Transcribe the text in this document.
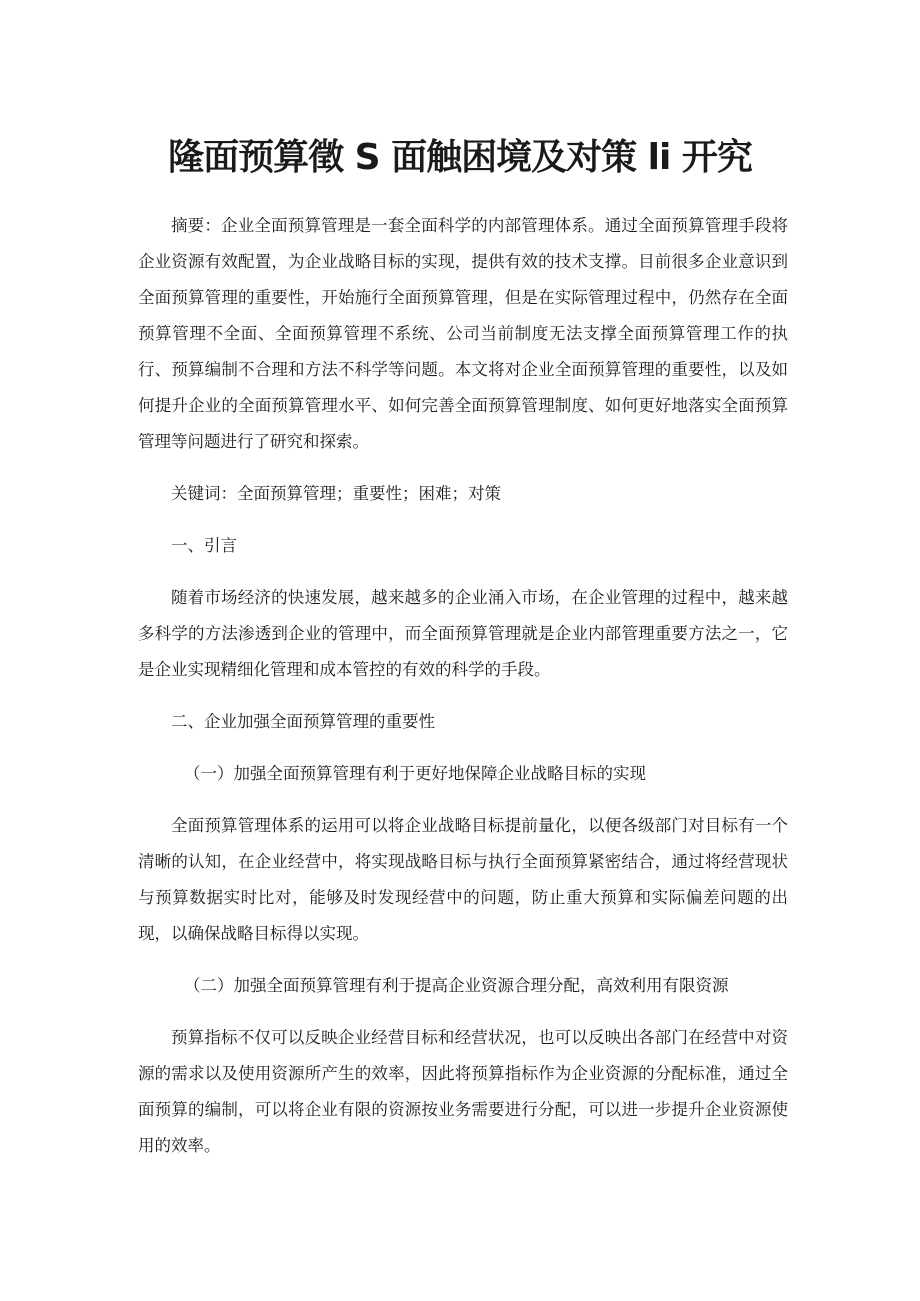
隆面预算徵 S 面触困境及对策 li 开究

摘要：企业全面预算管理是一套全面科学的内部管理体系。通过全面预算管理手段将企业资源有效配置，为企业战略目标的实现，提供有效的技术支撑。目前很多企业意识到全面预算管理的重要性，开始施行全面预算管理，但是在实际管理过程中，仍然存在全面预算管理不全面、全面预算管理不系统、公司当前制度无法支撑全面预算管理工作的执行、预算编制不合理和方法不科学等问题。本文将对企业全面预算管理的重要性，以及如何提升企业的全面预算管理水平、如何完善全面预算管理制度、如何更好地落实全面预算管理等问题进行了研究和探索。

关键词：全面预算管理；重要性；困难；对策

一、引言

随着市场经济的快速发展，越来越多的企业涌入市场，在企业管理的过程中，越来越多科学的方法渗透到企业的管理中，而全面预算管理就是企业内部管理重要方法之一，它是企业实现精细化管理和成本管控的有效的科学的手段。

二、企业加强全面预算管理的重要性

（一）加强全面预算管理有利于更好地保障企业战略目标的实现

全面预算管理体系的运用可以将企业战略目标提前量化，以便各级部门对目标有一个清晰的认知，在企业经营中，将实现战略目标与执行全面预算紧密结合，通过将经营现状与预算数据实时比对，能够及时发现经营中的问题，防止重大预算和实际偏差问题的出现，以确保战略目标得以实现。

（二）加强全面预算管理有利于提高企业资源合理分配，高效利用有限资源

预算指标不仅可以反映企业经营目标和经营状况，也可以反映出各部门在经营中对资源的需求以及使用资源所产生的效率，因此将预算指标作为企业资源的分配标准，通过全面预算的编制，可以将企业有限的资源按业务需要进行分配，可以进一步提升企业资源使用的效率。
